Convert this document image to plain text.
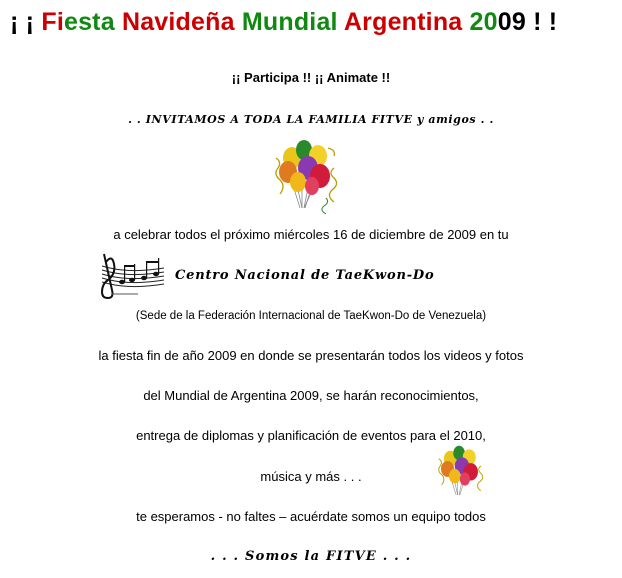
¡ ¡ Fiesta Navideña Mundial Argentina 2009 ! !
¡¡ Participa !! ¡¡ Animate !!
. . INVITAMOS A TODA LA FAMILIA FITVE y amigos . .
a celebrar todos el próximo miércoles 16 de diciembre de 2009 en tu
Centro Nacional de TaeKwon-Do
(Sede de la Federación Internacional de TaeKwon-Do de Venezuela)
la fiesta fin de año 2009 en donde se presentarán todos los videos y fotos
del Mundial de Argentina 2009, se harán reconocimientos,
entrega de diplomas y planificación de eventos para el 2010,
música y más . . .
te esperamos - no faltes – acuérdate somos un equipo todos
. . . Somos la FITVE . . .
